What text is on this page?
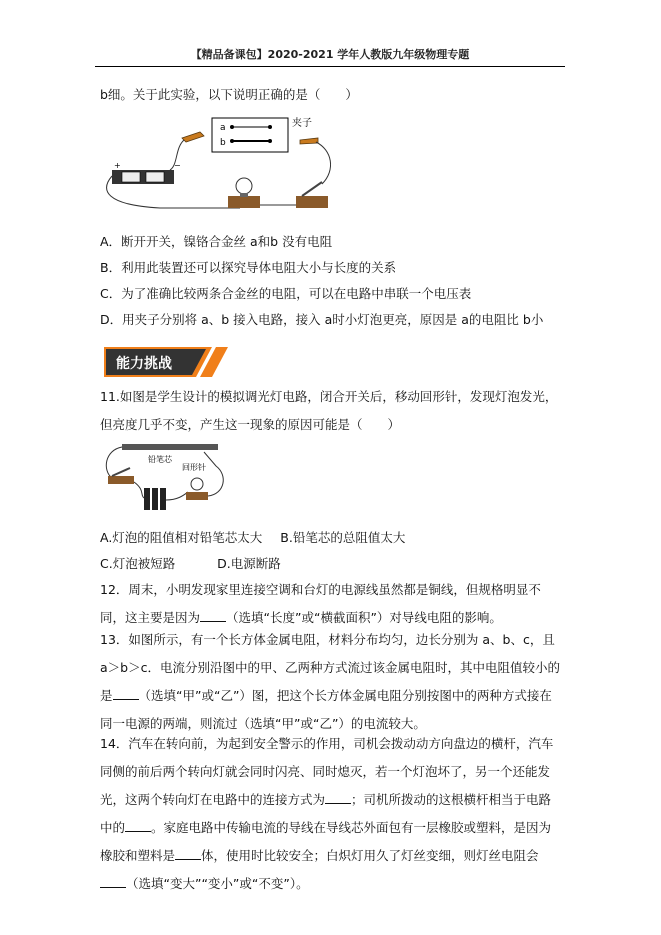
【精品备课包】2020-2021 学年人教版九年级物理专题
b细。关于此实验，以下说明正确的是（　　）
a
b
夹子
+	−
A．断开开关，镍铬合金丝 a和b 没有电阻
B．利用此装置还可以探究导体电阻大小与长度的关系
C．为了准确比较两条合金丝的电阻，可以在电路中串联一个电压表
D．用夹子分别将 a、b 接入电路，接入 a时小灯泡更亮，原因是 a的电阻比 b小
能力挑战
11.如图是学生设计的模拟调光灯电路，闭合开关后，移动回形针，发现灯泡发光，但亮度几乎不变，产生这一现象的原因可能是（　　）
铅笔芯
回形针
A.灯泡的阻值相对铅笔芯太大 B.铅笔芯的总阻值太大
C.灯泡被短路	D.电源断路
12．周末，小明发现家里连接空调和台灯的电源线虽然都是铜线，但规格明显不同，这主要是因为 （选填“长度”或“横截面积”）对导线电阻的影响。
13．如图所示，有一个长方体金属电阻，材料分布均匀，边长分别为 a、b、c，且 a＞b＞c．电流分别沿图中的甲、乙两种方式流过该金属电阻时，其中电阻值较小的是 （选填“甲”或“乙”）图，把这个长方体金属电阻分别按图中的两种方式接在同一电源的两端，则流过（选填“甲”或“乙”）的电流较大。
14．汽车在转向前，为起到安全警示的作用，司机会拨动动方向盘边的横杆，汽车同侧的前后两个转向灯就会同时闪亮、同时熄灭，若一个灯泡坏了，另一个还能发光，这两个转向灯在电路中的连接方式为 ；司机所拨动的这根横杆相当于电路中的 。家庭电路中传输电流的导线在导线芯外面包有一层橡胶或塑料，是因为橡胶和塑料是 体，使用时比较安全；白炽灯用久了灯丝变细，则灯丝电阻会（选填“变大”“变小”或“不变”）。
